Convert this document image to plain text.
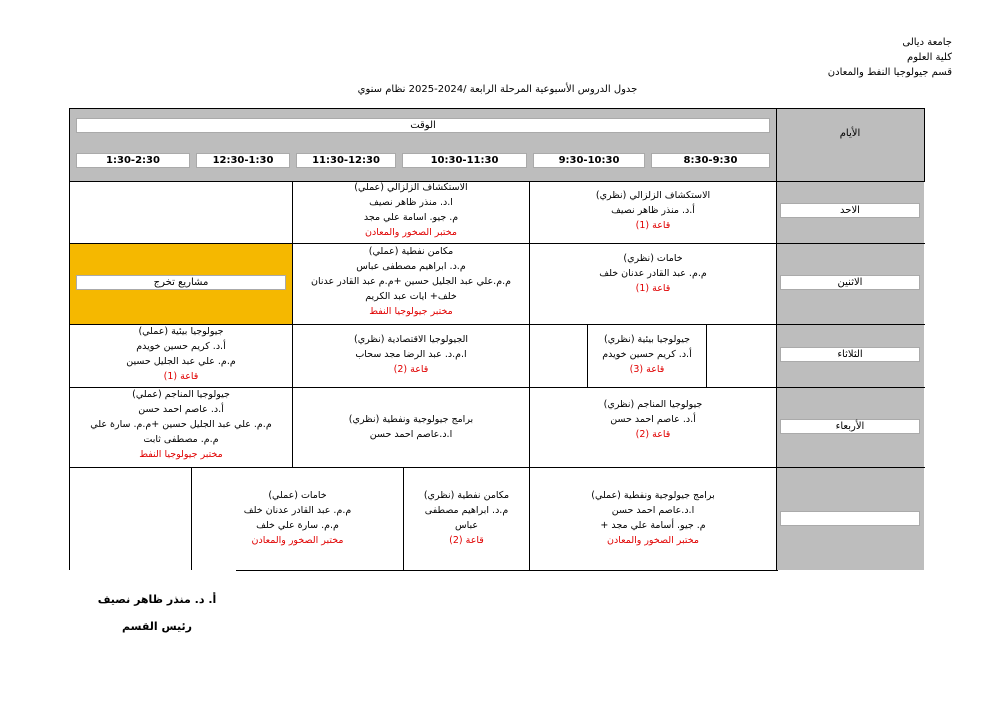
جامعة ديالى
كلية العلوم
قسم جيولوجيا النفط والمعادن
جدول الدروس الأسبوعية المرحلة الرابعة /2024-2025 نظام سنوي
الوقت
الأيام
8:30-9:30
9:30-10:30
10:30-11:30
11:30-12:30
12:30-1:30
1:30-2:30
الاحد
الاثنين
الثلاثاء
الأربعاء
مشاريع تخرج
الاستكشاف الزلزالي (نظري)
أ.د. منذر ظاهر نصيف
قاعة (1)
الاستكشاف الزلزالي (عملي)
ا.د. منذر ظاهر نصيف
م. جيو. اسامة علي مجد
مختبر الصخور والمعادن
خامات (نظري)
م.م. عبد القادر عدنان خلف
قاعة (1)
مكامن نفطية (عملي)
م.د. ابراهيم مصطفى عباس
م.م.علي عبد الجليل حسين +م.م عبد القادر عدنان
خلف+ ايات عبد الكريم
مختبر جيولوجيا النفط
جيولوجيا بيئية (نظري)
أ.د. كريم حسين خويدم
قاعة (3)
الجيولوجيا الاقتصادية (نظري)
ا.م.د. عبد الرضا مجد سحاب
قاعة (2)
جيولوجيا بيئية (عملي)
أ.د. كريم حسين خويدم
م.م. علي عبد الجليل حسين
قاعة (1)
جيولوجيا المناجم (نظري)
أ.د. عاصم احمد حسن
قاعة (2)
برامج جيولوجية ونفطية (نظري)
ا.د.عاصم احمد حسن
جيولوجيا المناجم (عملي)
أ.د. عاصم احمد حسن
م.م. علي عبد الجليل حسين +م.م. سارة علي
م.م. مصطفى ثابت
مختبر جيولوجيا النفط
برامج جيولوجية ونفطية (عملي)
ا.د.عاصم احمد حسن
م. جيو. أسامة علي مجد +
مختبر الصخور والمعادن
مكامن نفطية (نظري)
م.د. ابراهيم مصطفى
عباس
قاعة (2)
خامات (عملي)
م.م. عبد القادر عدنان خلف
م.م. سارة علي خلف
مختبر الصخور والمعادن
أ. د. منذر ظاهر نصيف
رئيس القسم
